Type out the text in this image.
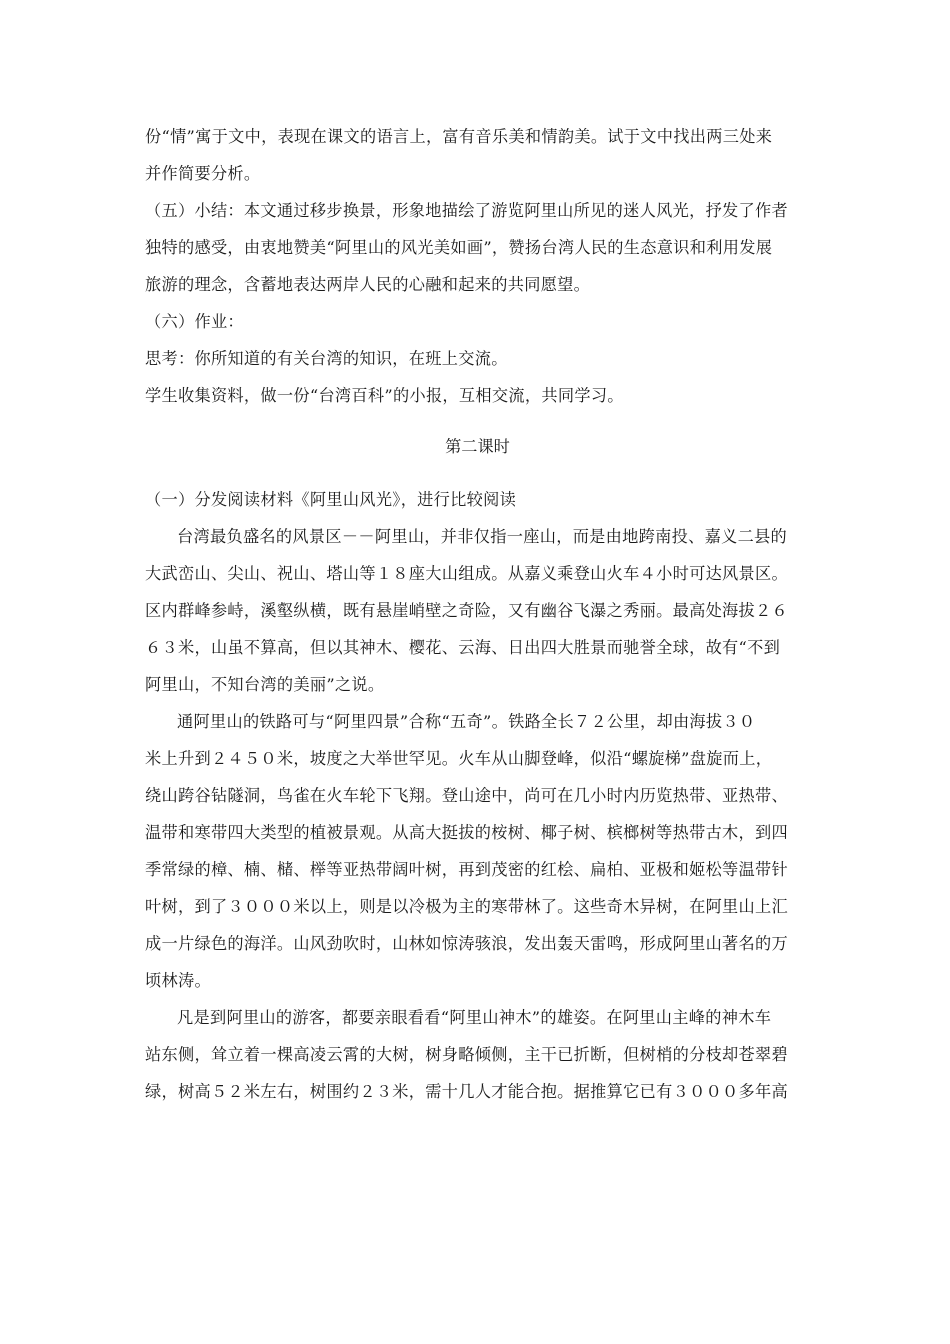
份“情”寓于文中，表现在课文的语言上，富有音乐美和情韵美。试于文中找出两三处来
并作简要分析。
（五）小结：本文通过移步换景，形象地描绘了游览阿里山所见的迷人风光，抒发了作者
独特的感受，由衷地赞美“阿里山的风光美如画”，赞扬台湾人民的生态意识和利用发展
旅游的理念，含蓄地表达两岸人民的心融和起来的共同愿望。
（六）作业：
思考：你所知道的有关台湾的知识，在班上交流。
学生收集资料，做一份“台湾百科”的小报，互相交流，共同学习。
第二课时
（一）分发阅读材料《阿里山风光》，进行比较阅读
台湾最负盛名的风景区－－阿里山，并非仅指一座山，而是由地跨南投、嘉义二县的
大武峦山、尖山、祝山、塔山等１８座大山组成。从嘉义乘登山火车４小时可达风景区。
区内群峰参峙，溪壑纵横，既有悬崖峭壁之奇险，又有幽谷飞瀑之秀丽。最高处海拔２６
６３米，山虽不算高，但以其神木、樱花、云海、日出四大胜景而驰誉全球，故有“不到
阿里山，不知台湾的美丽”之说。
通阿里山的铁路可与“阿里四景”合称“五奇”。铁路全长７２公里，却由海拔３０
米上升到２４５０米，坡度之大举世罕见。火车从山脚登峰，似沿“螺旋梯”盘旋而上，
绕山跨谷钻隧洞，鸟雀在火车轮下飞翔。登山途中，尚可在几小时内历览热带、亚热带、
温带和寒带四大类型的植被景观。从高大挺拔的桉树、椰子树、槟榔树等热带古木，到四
季常绿的樟、楠、槠、榉等亚热带阔叶树，再到茂密的红桧、扁柏、亚极和姬松等温带针
叶树，到了３０００米以上，则是以冷极为主的寒带林了。这些奇木异树，在阿里山上汇
成一片绿色的海洋。山风劲吹时，山林如惊涛骇浪，发出轰天雷鸣，形成阿里山著名的万
顷林涛。
凡是到阿里山的游客，都要亲眼看看“阿里山神木”的雄姿。在阿里山主峰的神木车
站东侧，耸立着一棵高凌云霄的大树，树身略倾侧，主干已折断，但树梢的分枝却苍翠碧
绿，树高５２米左右，树围约２３米，需十几人才能合抱。据推算它已有３０００多年高
